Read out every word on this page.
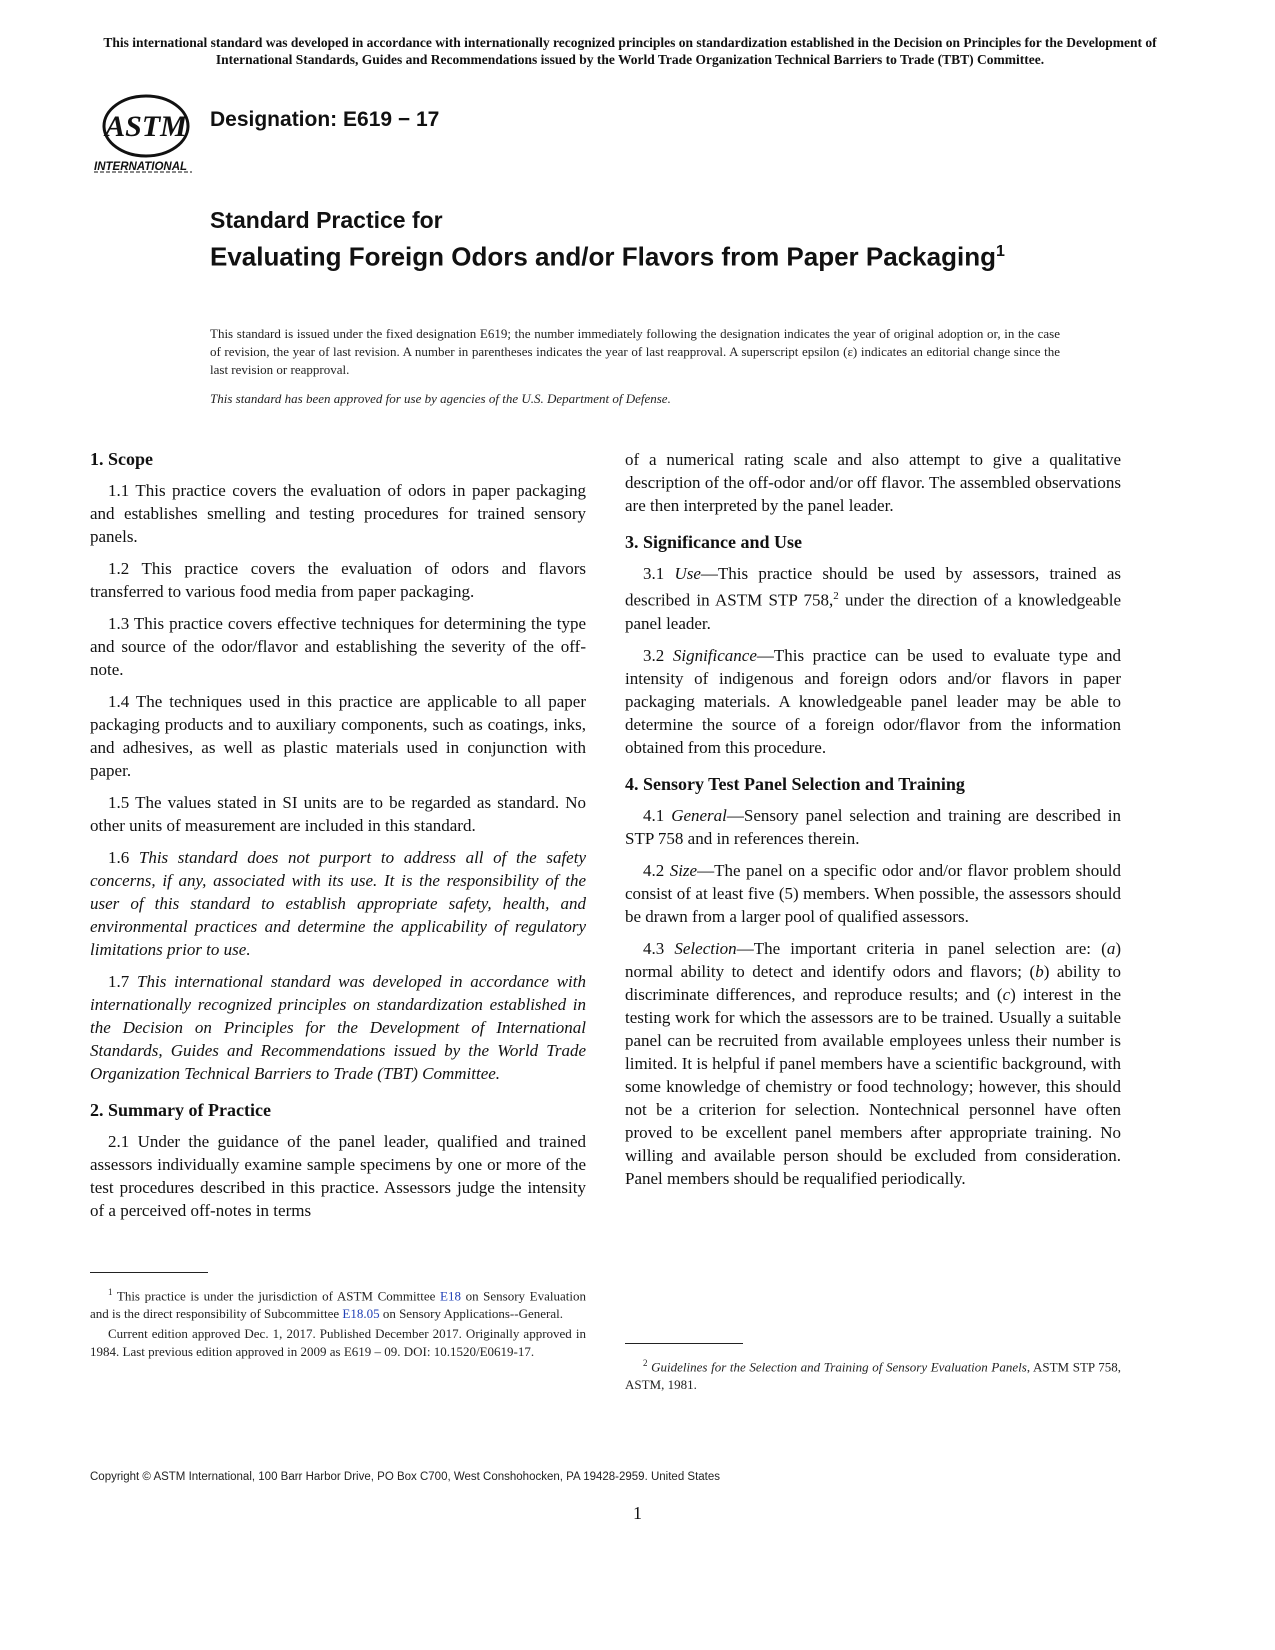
This international standard was developed in accordance with internationally recognized principles on standardization established in the Decision on Principles for the Development of International Standards, Guides and Recommendations issued by the World Trade Organization Technical Barriers to Trade (TBT) Committee.
ASTM
INTERNATIONAL
Designation: E619 − 17
Standard Practice for
Evaluating Foreign Odors and/or Flavors from Paper Packaging$^1$
This standard is issued under the fixed designation E619; the number immediately following the designation indicates the year of original adoption or, in the case of revision, the year of last revision. A number in parentheses indicates the year of last reapproval. A superscript epsilon (ε) indicates an editorial change since the last revision or reapproval.
This standard has been approved for use by agencies of the U.S. Department of Defense.
1. Scope

1.1 This practice covers the evaluation of odors in paper packaging and establishes smelling and testing procedures for trained sensory panels.

1.2 This practice covers the evaluation of odors and flavors transferred to various food media from paper packaging.

1.3 This practice covers effective techniques for determining the type and source of the odor/flavor and establishing the severity of the off-note.

1.4 The techniques used in this practice are applicable to all paper packaging products and to auxiliary components, such as coatings, inks, and adhesives, as well as plastic materials used in conjunction with paper.

1.5 The values stated in SI units are to be regarded as standard. No other units of measurement are included in this standard.

1.6 This standard does not purport to address all of the safety concerns, if any, associated with its use. It is the responsibility of the user of this standard to establish appropriate safety, health, and environmental practices and determine the applicability of regulatory limitations prior to use.

1.7 This international standard was developed in accordance with internationally recognized principles on standardization established in the Decision on Principles for the Development of International Standards, Guides and Recommendations issued by the World Trade Organization Technical Barriers to Trade (TBT) Committee.

2. Summary of Practice

2.1 Under the guidance of the panel leader, qualified and trained assessors individually examine sample specimens by one or more of the test procedures described in this practice. Assessors judge the intensity of a perceived off-notes in terms

of a numerical rating scale and also attempt to give a qualitative description of the off-odor and/or off flavor. The assembled observations are then interpreted by the panel leader.

3. Significance and Use

3.1 Use—This practice should be used by assessors, trained as described in ASTM STP 758,$^2$ under the direction of a knowledgeable panel leader.

3.2 Significance—This practice can be used to evaluate type and intensity of indigenous and foreign odors and/or flavors in paper packaging materials. A knowledgeable panel leader may be able to determine the source of a foreign odor/flavor from the information obtained from this procedure.

4. Sensory Test Panel Selection and Training

4.1 General—Sensory panel selection and training are described in STP 758 and in references therein.

4.2 Size—The panel on a specific odor and/or flavor problem should consist of at least five (5) members. When possible, the assessors should be drawn from a larger pool of qualified assessors.

4.3 Selection—The important criteria in panel selection are: (a) normal ability to detect and identify odors and flavors; (b) ability to discriminate differences, and reproduce results; and (c) interest in the testing work for which the assessors are to be trained. Usually a suitable panel can be recruited from available employees unless their number is limited. It is helpful if panel members have a scientific background, with some knowledge of chemistry or food technology; however, this should not be a criterion for selection. Nontechnical personnel have often proved to be excellent panel members after appropriate training. No willing and available person should be excluded from consideration. Panel members should be requalified periodically.

$^1$ This practice is under the jurisdiction of ASTM Committee E18 on Sensory Evaluation and is the direct responsibility of Subcommittee E18.05 on Sensory Applications--General.

Current edition approved Dec. 1, 2017. Published December 2017. Originally approved in 1984. Last previous edition approved in 2009 as E619 – 09. DOI: 10.1520/E0619-17.

$^2$ Guidelines for the Selection and Training of Sensory Evaluation Panels, ASTM STP 758, ASTM, 1981.

Copyright © ASTM International, 100 Barr Harbor Drive, PO Box C700, West Conshohocken, PA 19428-2959. United States
1
